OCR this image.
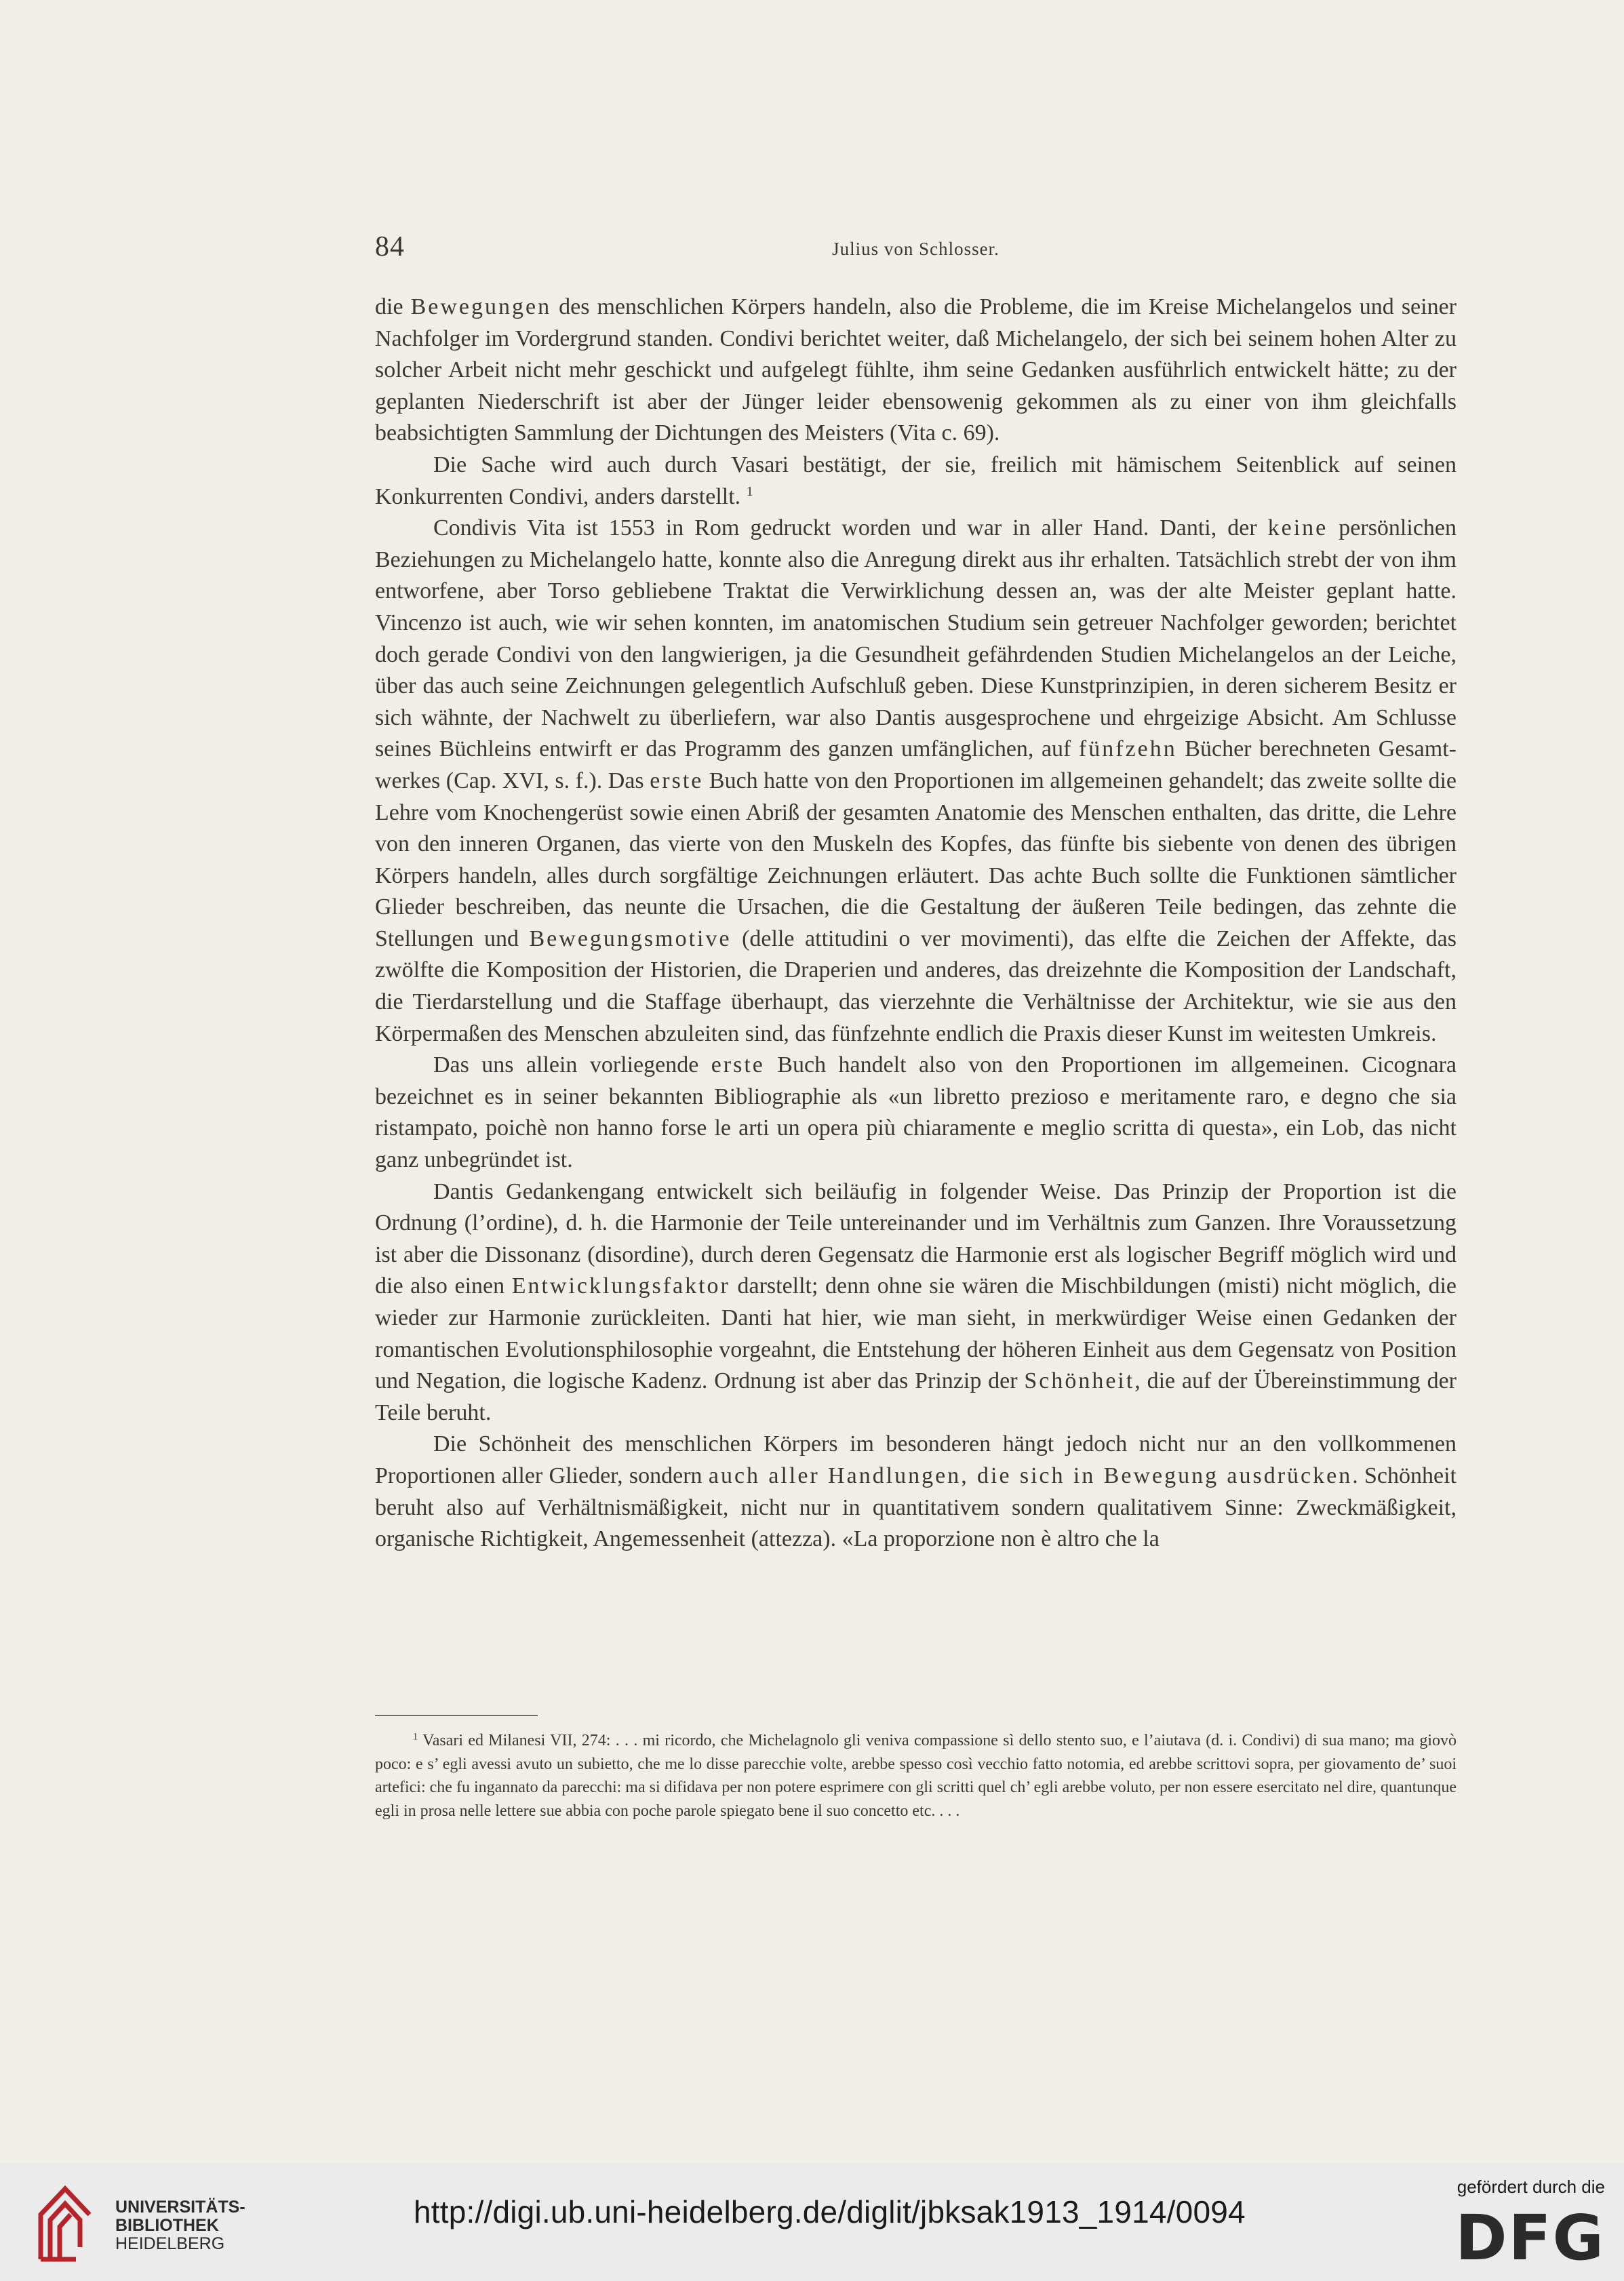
84	Julius von Schlosser.

die Bewegungen des menschlichen Körpers handeln, also die Probleme, die im Kreise Michelangelos und seiner Nachfolger im Vordergrund standen. Condivi berichtet weiter, daß Michelangelo, der sich bei seinem hohen Alter zu solcher Arbeit nicht mehr geschickt und aufgelegt fühlte, ihm seine Gedanken ausführlich entwickelt hätte; zu der geplanten Niederschrift ist aber der Jünger leider ebensowenig gekommen als zu einer von ihm gleichfalls beabsichtigten Sammlung der Dichtungen des Meisters (Vita c. 69).

Die Sache wird auch durch Vasari bestätigt, der sie, freilich mit hämischem Seitenblick auf seinen Konkurrenten Condivi, anders darstellt. $^1$

Condivis Vita ist 1553 in Rom gedruckt worden und war in aller Hand. Danti, der keine persönlichen Beziehungen zu Michelangelo hatte, konnte also die Anregung direkt aus ihr erhalten. Tatsächlich strebt der von ihm entworfene, aber Torso gebliebene Traktat die Verwirklichung dessen an, was der alte Meister geplant hatte. Vincenzo ist auch, wie wir sehen konnten, im anatomischen Studium sein getreuer Nachfolger geworden; berichtet doch gerade Condivi von den langwierigen, ja die Gesundheit gefährdenden Studien Michelangelos an der Leiche, über das auch seine Zeichnungen gelegentlich Aufschluß geben. Diese Kunstprinzipien, in deren sicherem Besitz er sich wähnte, der Nachwelt zu überliefern, war also Dantis ausgesprochene und ehrgeizige Absicht. Am Schlusse seines Büchleins entwirft er das Programm des ganzen umfänglichen, auf fünfzehn Bücher berechneten Gesamtwerkes (Cap. XVI, s. f.). Das erste Buch hatte von den Proportionen im allgemeinen gehandelt; das zweite sollte die Lehre vom Knochengerüst sowie einen Abriß der gesamten Anatomie des Menschen enthalten, das dritte, die Lehre von den inneren Organen, das vierte von den Muskeln des Kopfes, das fünfte bis siebente von denen des übrigen Körpers handeln, alles durch sorgfältige Zeichnungen erläutert. Das achte Buch sollte die Funktionen sämtlicher Glieder beschreiben, das neunte die Ursachen, die die Gestaltung der äußeren Teile bedingen, das zehnte die Stellungen und Bewegungsmotive (delle attitudini o ver movimenti), das elfte die Zeichen der Affekte, das zwölfte die Komposition der Historien, die Draperien und anderes, das dreizehnte die Komposition der Landschaft, die Tierdarstellung und die Staffage überhaupt, das vierzehnte die Verhältnisse der Architektur, wie sie aus den Körpermaßen des Menschen abzuleiten sind, das fünfzehnte endlich die Praxis dieser Kunst im weitesten Umkreis.

Das uns allein vorliegende erste Buch handelt also von den Proportionen im allgemeinen. Cicognara bezeichnet es in seiner bekannten Bibliographie als «un libretto prezioso e meritamente raro, e degno che sia ristampato, poichè non hanno forse le arti un opera più chiaramente e meglio scritta di questa», ein Lob, das nicht ganz unbegründet ist.

Dantis Gedankengang entwickelt sich beiläufig in folgender Weise. Das Prinzip der Proportion ist die Ordnung (l’ordine), d. h. die Harmonie der Teile untereinander und im Verhältnis zum Ganzen. Ihre Voraussetzung ist aber die Dissonanz (disordine), durch deren Gegensatz die Harmonie erst als logischer Begriff möglich wird und die also einen Entwicklungsfaktor darstellt; denn ohne sie wären die Mischbildungen (misti) nicht möglich, die wieder zur Harmonie zurückleiten. Danti hat hier, wie man sieht, in merkwürdiger Weise einen Gedanken der romantischen Evolutionsphilosophie vorgeahnt, die Entstehung der höheren Einheit aus dem Gegensatz von Position und Negation, die logische Kadenz. Ordnung ist aber das Prinzip der Schönheit, die auf der Übereinstimmung der Teile beruht.

Die Schönheit des menschlichen Körpers im besonderen hängt jedoch nicht nur an den vollkommenen Proportionen aller Glieder, sondern auch aller Handlungen, die sich in Bewegung ausdrücken. Schönheit beruht also auf Verhältnismäßigkeit, nicht nur in quantitativem sondern qualitativem Sinne: Zweckmäßigkeit, organische Richtigkeit, Angemessenheit (attezza). «La proporzione non è altro che la

$^1$ Vasari ed Milanesi VII, 274: . . . mi ricordo, che Michelagnolo gli veniva compassione sì dello stento suo, e l’aiutava (d. i. Condivi) di sua mano; ma giovò poco: e s’ egli avessi avuto un subietto, che me lo disse parecchie volte, arebbe spesso così vecchio fatto notomia, ed arebbe scrittovi sopra, per giovamento de’ suoi artefici: che fu ingannato da parecchi: ma si difidava per non potere esprimere con gli scritti quel ch’ egli arebbe voluto, per non essere esercitato nel dire, quantunque egli in prosa nelle lettere sue abbia con poche parole spiegato bene il suo concetto etc. . . .
UNIVERSITÄTS-
BIBLIOTHEK
HEIDELBERG
http://digi.ub.uni-heidelberg.de/diglit/jbksak1913_1914/0094
gefördert durch die
DFG
